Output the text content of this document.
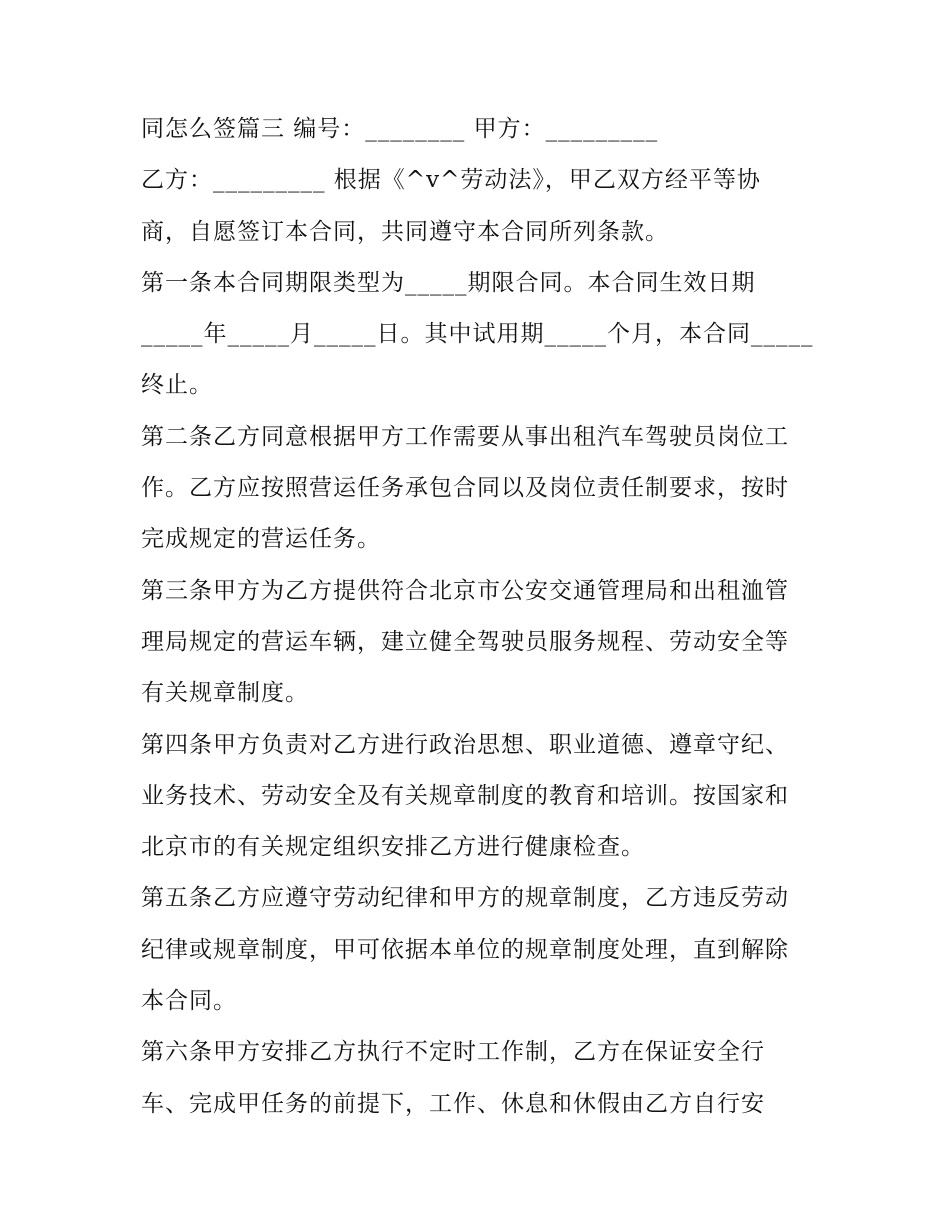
同怎么签篇三 编号：________ 甲方：_________
乙方：_________ 根据《^v^劳动法》，甲乙双方经平等协
商，自愿签订本合同，共同遵守本合同所列条款。
第一条本合同期限类型为_____期限合同。本合同生效日期
_____年_____月_____日。其中试用期_____个月，本合同_____
终止。
第二条乙方同意根据甲方工作需要从事出租汽车驾驶员岗位工
作。乙方应按照营运任务承包合同以及岗位责任制要求，按时
完成规定的营运任务。
第三条甲方为乙方提供符合北京市公安交通管理局和出租洫管
理局规定的营运车辆，建立健全驾驶员服务规程、劳动安全等
有关规章制度。
第四条甲方负责对乙方进行政治思想、职业道德、遵章守纪、
业务技术、劳动安全及有关规章制度的教育和培训。按国家和
北京市的有关规定组织安排乙方进行健康检查。
第五条乙方应遵守劳动纪律和甲方的规章制度，乙方违反劳动
纪律或规章制度，甲可依据本单位的规章制度处理，直到解除
本合同。
第六条甲方安排乙方执行不定时工作制，乙方在保证安全行
车、完成甲任务的前提下，工作、休息和休假由乙方自行安
